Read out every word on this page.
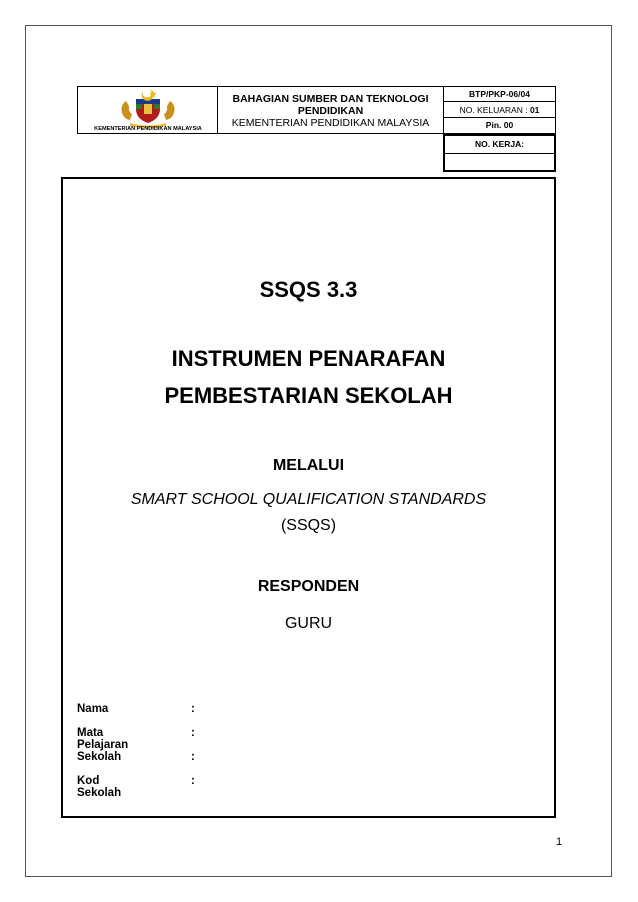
KEMENTERIAN PENDIDIKAN MALAYSIA
BAHAGIAN SUMBER DAN TEKNOLOGI
PENDIDIKAN
KEMENTERIAN PENDIDIKAN MALAYSIA
BTP/PKP-06/04
NO. KELUARAN : 01
Pin. 00
NO. KERJA:
SSQS 3.3
INSTRUMEN PENARAFAN
PEMBESTARIAN SEKOLAH
MELALUI
SMART SCHOOL QUALIFICATION STANDARDS
(SSQS)
RESPONDEN
GURU
Nama	:
Mata Pelajaran
:
Sekolah	:
Kod Sekolah
:
1
